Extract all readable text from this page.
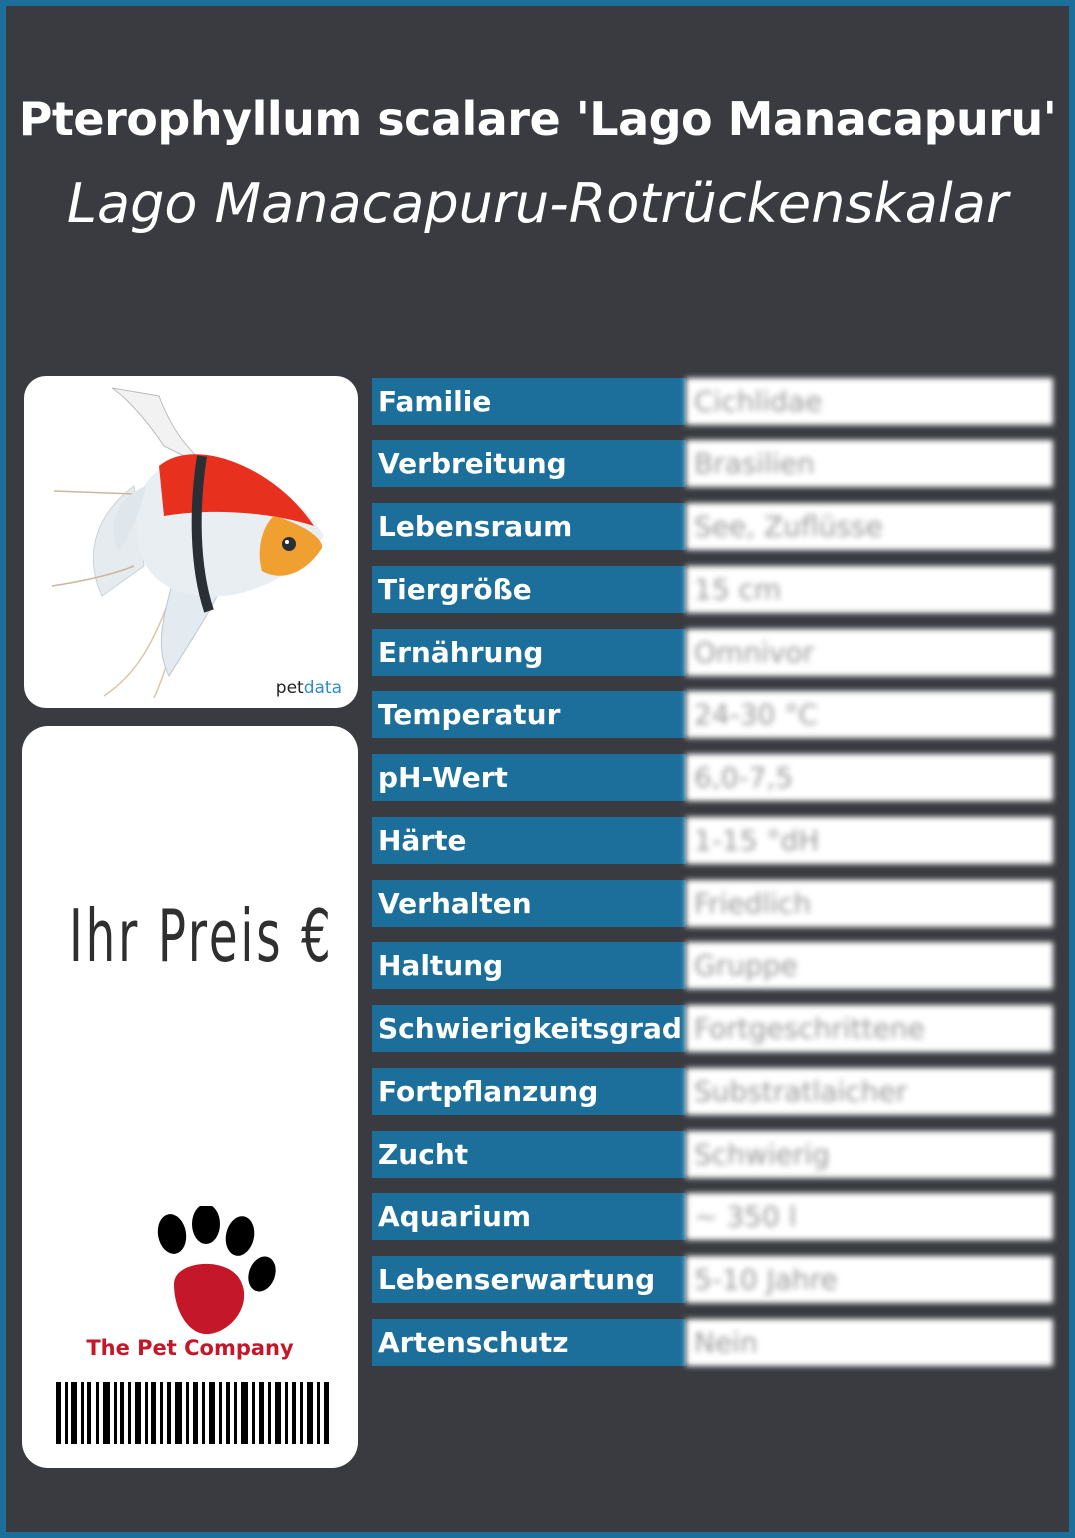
Pterophyllum scalare 'Lago Manacapuru'
Lago Manacapuru-Rotrückenskalar
petdata
Ihr Preis €
The Pet Company
Familie	Cichlidae
Verbreitung	Brasilien
Lebensraum	See, Zuflüsse
Tiergröße	15 cm
Ernährung	Omnivor
Temperatur	24-30 °C
pH-Wert	6,0-7,5
Härte	1-15 °dH
Verhalten	Friedlich
Haltung	Gruppe
Schwierigkeitsgrad Fortgeschrittene
Fortpflanzung	Substratlaicher
Zucht	Schwierig
Aquarium	~ 350 l
Lebenserwartung	5-10 Jahre
Artenschutz	Nein
